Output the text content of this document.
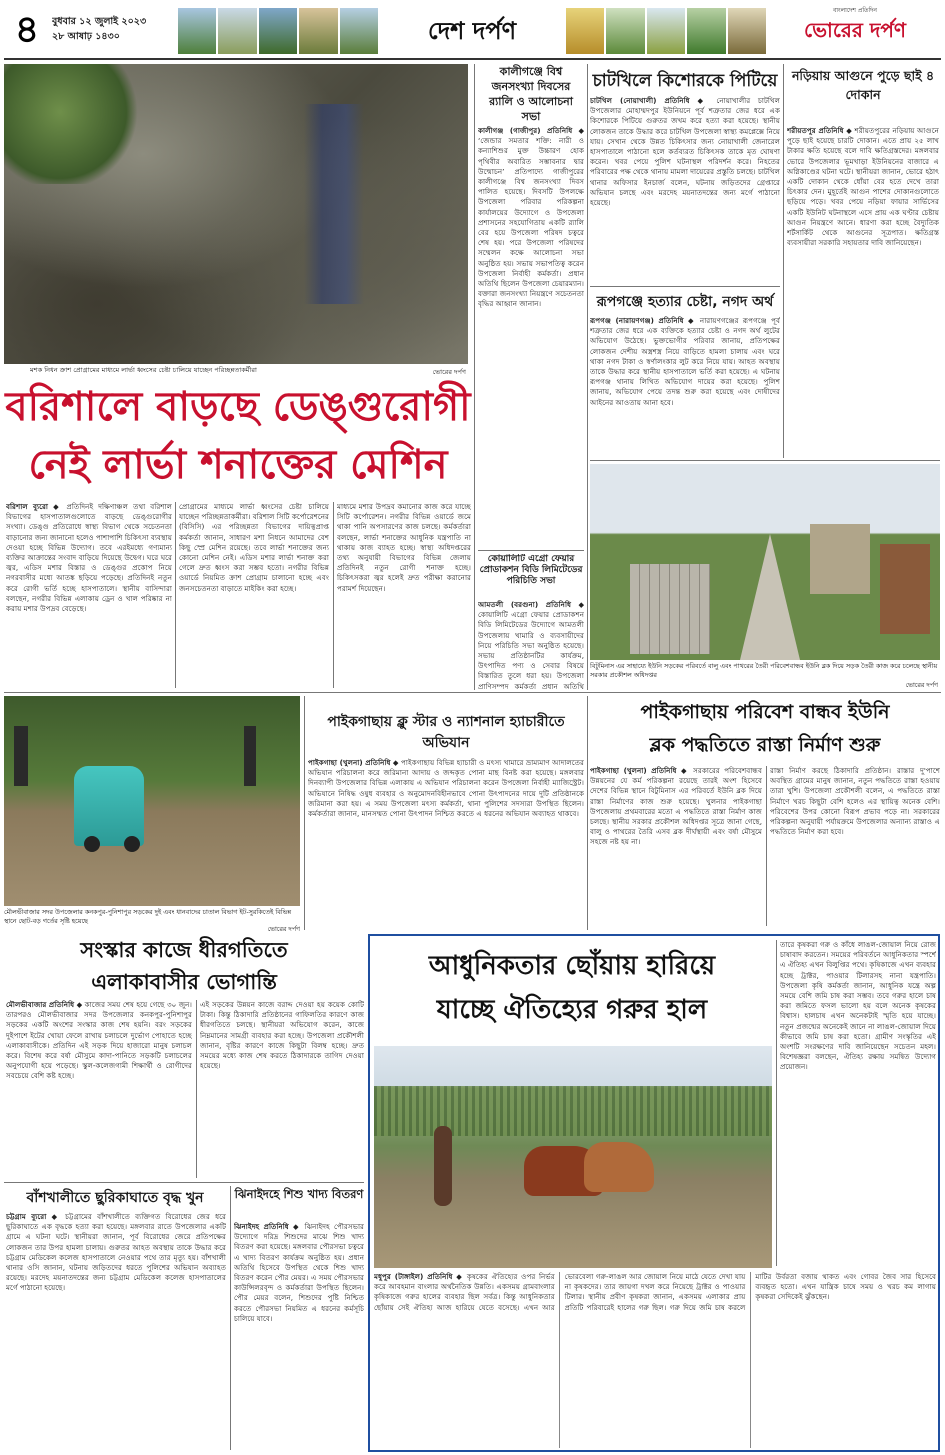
৪	বুধবার ১২ জুলাই ২০২৩
২৮ আষাঢ় ১৪৩০	দেশ দর্পণ
বাংলাদেশ প্রতিদিন
ভোরের দর্পণ
মশক নিধন ক্রাশ প্রোগ্রামের মাধ্যমে লার্ভা ধ্বংসের চেষ্টা চালিয়ে যাচ্ছেন পরিচ্ছন্নতাকর্মীরা	ভোরের দর্পণ
বরিশালে বাড়ছে ডেঙ্গুরোগী
নেই লার্ভা শনাক্তের মেশিন
বরিশাল ব্যুরো ◆ প্রতিদিনই দক্ষিণাঞ্চল তথা বরিশাল বিভাগের হাসপাতালগুলোতে বাড়ছে ডেঙ্গুরোগীর সংখ্যা। ডেঙ্গু প্রতিরোধে স্বাস্থ্য বিভাগ থেকে সচেতনতা বাড়ানোর জন্য জানানো হলেও পাশাপাশি চিকিৎসা ব্যবস্থায় দেওয়া হচ্ছে বিভিন্ন উদ্যোগ। তবে এরইমধ্যে গণ্যমান্য ব্যক্তির আক্রান্তের সংবাদ বাড়িয়ে দিয়েছে উদ্বেগ। ঘরে ঘরে জ্বর, এডিস মশার বিস্তার ও ডেঙ্গুর প্রকোপ নিয়ে নগরবাসীর মধ্যে আতঙ্ক ছড়িয়ে পড়েছে। প্রতিদিনই নতুন করে রোগী ভর্তি হচ্ছে হাসপাতালে। স্থানীয় বাসিন্দারা বলছেন, নগরীর বিভিন্ন এলাকায় ড্রেন ও খাল পরিষ্কার না করায় মশার উপদ্রব বেড়েছে।
প্রোগ্রামের মাধ্যমে লার্ভা ধ্বংসের চেষ্টা চালিয়ে যাচ্ছেন পরিচ্ছন্নতাকর্মীরা। বরিশাল সিটি কর্পোরেশনের (বিসিসি) এর পরিচ্ছন্নতা বিভাগের দায়িত্বপ্রাপ্ত কর্মকর্তা জানান, সাধারণ মশা নিধনে আমাদের বেশ কিছু স্প্রে মেশিন রয়েছে। তবে লার্ভা শনাক্তের জন্য কোনো মেশিন নেই। এডিস মশার লার্ভা শনাক্ত করা গেলে দ্রুত ধ্বংস করা সম্ভব হতো। নগরীর বিভিন্ন ওয়ার্ডে নিয়মিত ক্রাশ প্রোগ্রাম চালানো হচ্ছে এবং জনসচেতনতা বাড়াতে মাইকিং করা হচ্ছে।
মাধ্যমে মশার উপদ্রব কমানোর কাজ করে যাচ্ছে সিটি কর্পোরেশন। নগরীর বিভিন্ন ওয়ার্ডে জমে থাকা পানি অপসারণের কাজ চলছে। কর্মকর্তারা বলছেন, লার্ভা শনাক্তের আধুনিক যন্ত্রপাতি না থাকায় কাজ ব্যাহত হচ্ছে। স্বাস্থ্য অধিদপ্তরের তথ্য অনুযায়ী বিভাগের বিভিন্ন জেলায় প্রতিদিনই নতুন রোগী শনাক্ত হচ্ছে। চিকিৎসকরা জ্বর হলেই দ্রুত পরীক্ষা করানোর পরামর্শ দিয়েছেন।
কালীগঞ্জে বিশ্ব জনসংখ্যা দিবসের র‍্যালি ও আলোচনা সভা
কালীগঞ্জ (গাজীপুর) প্রতিনিধি ◆ ‘জেন্ডার সমতার শক্তি: নারী ও কন্যাশিশুর মুক্ত উচ্চারণ হোক পৃথিবীর অবারিত সম্ভাবনার দ্বার উন্মোচন’ প্রতিপাদ্যে গাজীপুরের কালীগঞ্জে বিশ্ব জনসংখ্যা দিবস পালিত হয়েছে। দিবসটি উপলক্ষে উপজেলা পরিবার পরিকল্পনা কার্যালয়ের উদ্যোগে ও উপজেলা প্রশাসনের সহযোগিতায় একটি র‍্যালি বের হয়ে উপজেলা পরিষদ চত্বরে শেষ হয়। পরে উপজেলা পরিষদের সম্মেলন কক্ষে আলোচনা সভা অনুষ্ঠিত হয়। সভায় সভাপতিত্ব করেন উপজেলা নির্বাহী কর্মকর্তা। প্রধান অতিথি ছিলেন উপজেলা চেয়ারম্যান। বক্তারা জনসংখ্যা নিয়ন্ত্রণে সচেতনতা বৃদ্ধির আহ্বান জানান।
কোয়ালিটি এগ্রো ফেয়ার প্রোডাকশন বিডি লিমিটেডের পরিচিতি সভা
আমতলী (বরগুনা) প্রতিনিধি ◆ কোয়ালিটি এগ্রো ফেয়ার প্রোডাকশন বিডি লিমিটেডের উদ্যোগে আমতলী উপজেলায় খামারি ও ব্যবসায়ীদের নিয়ে পরিচিতি সভা অনুষ্ঠিত হয়েছে। সভায় প্রতিষ্ঠানটির কার্যক্রম, উৎপাদিত পণ্য ও সেবার বিষয়ে বিস্তারিত তুলে ধরা হয়। উপজেলা প্রাণিসম্পদ কর্মকর্তা প্রধান অতিথি
চাটখিলে কিশোরকে পিটিয়ে
চাটখিল (নোয়াখালী) প্রতিনিধি ◆ নোয়াখালীর চাটখিল উপজেলার মোহাম্মদপুর ইউনিয়নে পূর্ব শত্রুতার জের ধরে এক কিশোরকে পিটিয়ে গুরুতর জখম করে হত্যা করা হয়েছে। স্থানীয় লোকজন তাকে উদ্ধার করে চাটখিল উপজেলা স্বাস্থ্য কমপ্লেক্সে নিয়ে যায়। সেখান থেকে উন্নত চিকিৎসার জন্য নোয়াখালী জেনারেল হাসপাতালে পাঠানো হলে কর্তব্যরত চিকিৎসক তাকে মৃত ঘোষণা করেন। খবর পেয়ে পুলিশ ঘটনাস্থল পরিদর্শন করে। নিহতের পরিবারের পক্ষ থেকে থানায় মামলা দায়েরের প্রস্তুতি চলছে। চাটখিল থানার অফিসার ইনচার্জ বলেন, ঘটনায় জড়িতদের গ্রেপ্তারে অভিযান চলছে এবং মরদেহ ময়নাতদন্তের জন্য মর্গে পাঠানো হয়েছে।
রূপগঞ্জে হত্যার চেষ্টা, নগদ অর্থ
রূপগঞ্জ (নারায়ণগঞ্জ) প্রতিনিধি ◆ নারায়ণগঞ্জের রূপগঞ্জে পূর্ব শত্রুতার জের ধরে এক ব্যক্তিকে হত্যার চেষ্টা ও নগদ অর্থ লুটের অভিযোগ উঠেছে। ভুক্তভোগীর পরিবার জানায়, প্রতিপক্ষের লোকজন দেশীয় অস্ত্রশস্ত্র নিয়ে বাড়িতে হামলা চালায় এবং ঘরে থাকা নগদ টাকা ও স্বর্ণালংকার লুট করে নিয়ে যায়। আহত অবস্থায় তাকে উদ্ধার করে স্থানীয় হাসপাতালে ভর্তি করা হয়েছে। এ ঘটনায় রূপগঞ্জ থানায় লিখিত অভিযোগ দায়ের করা হয়েছে। পুলিশ জানায়, অভিযোগ পেয়ে তদন্ত শুরু করা হয়েছে এবং দোষীদের আইনের আওতায় আনা হবে।
নড়িয়ায় আগুনে পুড়ে ছাই ৪ দোকান
শরীয়তপুর প্রতিনিধি ◆ শরীয়তপুরের নড়িয়ায় আগুনে পুড়ে ছাই হয়েছে চারটি দোকান। এতে প্রায় ২৫ লাখ টাকার ক্ষতি হয়েছে বলে দাবি ক্ষতিগ্রস্তদের। মঙ্গলবার ভোরে উপজেলার ভূমখাড়া ইউনিয়নের বাজারে এ অগ্নিকাণ্ডের ঘটনা ঘটে। স্থানীয়রা জানান, ভোরে হঠাৎ একটি দোকান থেকে ধোঁয়া বের হতে দেখে তারা চিৎকার দেন। মুহূর্তেই আগুন পাশের দোকানগুলোতে ছড়িয়ে পড়ে। খবর পেয়ে নড়িয়া ফায়ার সার্ভিসের একটি ইউনিট ঘটনাস্থলে এসে প্রায় এক ঘণ্টার চেষ্টায় আগুন নিয়ন্ত্রণে আনে। ধারণা করা হচ্ছে বৈদ্যুতিক শর্টসার্কিট থেকে আগুনের সূত্রপাত। ক্ষতিগ্রস্ত ব্যবসায়ীরা সরকারি সহায়তার দাবি জানিয়েছেন।
বিটুমিনাস এর সাহায্যে ইউনি সড়কের পরিবর্তে বালু এবং পাথরের তৈরী পরিবেশবান্ধব ইউনি ব্লক দিয়ে সড়ক তৈরী কাজ করে চলেছে স্থানীয় সরকার প্রকৌশল অধিদপ্তর
ভোরের দর্পণ
মৌলভীবাজার সদর উপজেলার কনকপুর-পুনিশাপুর সড়কের দুই এবং ধানবাদের চাতাল বিভাগ ইট-সুরকিতেই বিভিন্ন স্থানে ছোট-বড় গর্তের সৃষ্টি হয়েছে
ভোরের দর্পণ
পাইকগাছায় ক্লু স্টার ও ন্যাশনাল হ্যাচারীতে অভিযান
পাইকগাছা (খুলনা) প্রতিনিধি ◆ পাইকগাছায় বিভিন্ন হ্যাচারী ও মৎস্য খামারে ভ্রাম্যমাণ আদালতের অভিযান পরিচালনা করে জরিমানা আদায় ও জব্দকৃত পোনা মাছ বিনষ্ট করা হয়েছে। মঙ্গলবার দিনব্যাপী উপজেলার বিভিন্ন এলাকায় এ অভিযান পরিচালনা করেন উপজেলা নির্বাহী ম্যাজিস্ট্রেট। অভিযানে নিষিদ্ধ ওষুধ ব্যবহার ও অনুমোদনবিহীনভাবে পোনা উৎপাদনের দায়ে দুটি প্রতিষ্ঠানকে জরিমানা করা হয়। এ সময় উপজেলা মৎস্য কর্মকর্তা, থানা পুলিশের সদস্যরা উপস্থিত ছিলেন। কর্মকর্তারা জানান, মানসম্মত পোনা উৎপাদন নিশ্চিত করতে এ ধরনের অভিযান অব্যাহত থাকবে।
পাইকগাছায় পরিবেশ বান্ধব ইউনি
ব্লক পদ্ধতিতে রাস্তা নির্মাণ শুরু
পাইকগাছা (খুলনা) প্রতিনিধি ◆ সরকারের পরিবেশবান্ধব উন্নয়নের যে কর্ম পরিকল্পনা রয়েছে তারই অংশ হিসেবে দেশের বিভিন্ন স্থানে বিটুমিনাস এর পরিবর্তে ইউনি ব্লক দিয়ে রাস্তা নির্মাণের কাজ শুরু হয়েছে। খুলনার পাইকগাছা উপজেলায় প্রথমবারের মতো এ পদ্ধতিতে রাস্তা নির্মাণ কাজ চলছে। স্থানীয় সরকার প্রকৌশল অধিদপ্তর সূত্রে জানা গেছে, বালু ও পাথরের তৈরি এসব ব্লক দীর্ঘস্থায়ী এবং বর্ষা মৌসুমে সহজে নষ্ট হয় না।
রাস্তা নির্মাণ করছে ঠিকাদারি প্রতিষ্ঠান। রাস্তার দু'পাশে অবস্থিত গ্রামের মানুষ জানান, নতুন পদ্ধতিতে রাস্তা হওয়ায় তারা খুশি। উপজেলা প্রকৌশলী বলেন, এ পদ্ধতিতে রাস্তা নির্মাণে খরচ কিছুটা বেশি হলেও এর স্থায়িত্ব অনেক বেশি। পরিবেশের উপর কোনো বিরূপ প্রভাব পড়ে না। সরকারের পরিকল্পনা অনুযায়ী পর্যায়ক্রমে উপজেলার অন্যান্য রাস্তাও এ পদ্ধতিতে নির্মাণ করা হবে।
সংস্কার কাজে ধীরগতিতে
এলাকাবাসীর ভোগান্তি
মৌলভীবাজার প্রতিনিধি ◆ কাজের সময় শেষ হয়ে গেছে ৩০ জুন। তারপরও মৌলভীবাজার সদর উপজেলার কনকপুর-পুনিশাপুর সড়কের একটি অংশের সংস্কার কাজ শেষ হয়নি। বরং সড়কের দুইপাশে ইটের খোয়া ফেলে রাখায় চলাচলে দুর্ভোগ পোহাতে হচ্ছে এলাকাবাসীকে। প্রতিদিন এই সড়ক দিয়ে হাজারো মানুষ চলাচল করে। বিশেষ করে বর্ষা মৌসুমে কাদা-পানিতে সড়কটি চলাচলের অনুপযোগী হয়ে পড়েছে। স্কুল-কলেজগামী শিক্ষার্থী ও রোগীদের সবচেয়ে বেশি কষ্ট হচ্ছে।
এই সড়কের উন্নয়ন কাজে বরাদ্দ দেওয়া হয় কয়েক কোটি টাকা। কিন্তু ঠিকাদারি প্রতিষ্ঠানের গাফিলতির কারণে কাজ ধীরগতিতে চলছে। স্থানীয়রা অভিযোগ করেন, কাজে নিম্নমানের সামগ্রী ব্যবহার করা হচ্ছে। উপজেলা প্রকৌশলী জানান, বৃষ্টির কারণে কাজে কিছুটা বিলম্ব হচ্ছে। দ্রুত সময়ের মধ্যে কাজ শেষ করতে ঠিকাদারকে তাগিদ দেওয়া হয়েছে।
বাঁশখালীতে ছুরিকাঘাতে বৃদ্ধ খুন
চট্টগ্রাম ব্যুরো ◆ চট্টগ্রামের বাঁশখালীতে ব্যক্তিগত বিরোধের জের ধরে ছুরিকাঘাতে এক বৃদ্ধকে হত্যা করা হয়েছে। মঙ্গলবার রাতে উপজেলার একটি গ্রামে এ ঘটনা ঘটে। স্থানীয়রা জানান, পূর্ব বিরোধের জেরে প্রতিপক্ষের লোকজন তার উপর হামলা চালায়। গুরুতর আহত অবস্থায় তাকে উদ্ধার করে চট্টগ্রাম মেডিকেল কলেজ হাসপাতালে নেওয়ার পথে তার মৃত্যু হয়। বাঁশখালী থানার ওসি জানান, ঘটনায় জড়িতদের ধরতে পুলিশের অভিযান অব্যাহত রয়েছে। মরদেহ ময়নাতদন্তের জন্য চট্টগ্রাম মেডিকেল কলেজ হাসপাতালের মর্গে পাঠানো হয়েছে।
ঝিনাইদহে শিশু খাদ্য বিতরণ
ঝিনাইদহ প্রতিনিধি ◆ ঝিনাইদহ পৌরসভার উদ্যোগে দরিদ্র শিশুদের মাঝে শিশু খাদ্য বিতরণ করা হয়েছে। মঙ্গলবার পৌরসভা চত্বরে এ খাদ্য বিতরণ কার্যক্রম অনুষ্ঠিত হয়। প্রধান অতিথি হিসেবে উপস্থিত থেকে শিশু খাদ্য বিতরণ করেন পৌর মেয়র। এ সময় পৌরসভার কাউন্সিলরবৃন্দ ও কর্মকর্তারা উপস্থিত ছিলেন। পৌর মেয়র বলেন, শিশুদের পুষ্টি নিশ্চিত করতে পৌরসভা নিয়মিত এ ধরনের কর্মসূচি চালিয়ে যাবে।
আধুনিকতার ছোঁয়ায় হারিয়ে
যাচ্ছে ঐতিহ্যের গরুর হাল
তারে কৃষকরা গরু ও কাঁধে লাঙল-জোয়াল নিয়ে রোজ চাষাবাদ করতেন। সময়ের পরিবর্তনে আধুনিকতার স্পর্শে এ ঐতিহ্য এখন বিলুপ্তির পথে। কৃষিকাজে এখন ব্যবহার হচ্ছে ট্রাক্টর, পাওয়ার টিলারসহ নানা যন্ত্রপাতি। উপজেলা কৃষি কর্মকর্তা জানান, আধুনিক যন্ত্রে অল্প সময়ে বেশি জমি চাষ করা সম্ভব। তবে গরুর হালে চাষ করা জমিতে ফসল ভালো হয় বলে অনেক কৃষকের বিশ্বাস। হালচাষ এখন অনেকটাই স্মৃতি হয়ে যাচ্ছে। নতুন প্রজন্মের অনেকেই জানে না লাঙল-জোয়াল দিয়ে কীভাবে জমি চাষ করা হতো। গ্রামীণ সংস্কৃতির এই অংশটি সংরক্ষণের দাবি জানিয়েছেন সচেতন মহল। বিশেষজ্ঞরা বলছেন, ঐতিহ্য রক্ষায় সমন্বিত উদ্যোগ প্রয়োজন।
মধুপুর (টাঙ্গাইল) প্রতিনিধি ◆ কৃষকের ঐতিহ্যের ওপর নির্ভর করে আবহমান বাংলার অর্থনৈতিক উন্নতি। একসময় গ্রামবাংলার কৃষিকাজে গরুর হালের ব্যবহার ছিল সর্বত্র। কিন্তু আধুনিকতার ছোঁয়ায় সেই ঐতিহ্য আজ হারিয়ে যেতে বসেছে। এখন আর ভোরবেলা গরু-লাঙল আর জোয়াল নিয়ে মাঠে যেতে দেখা যায় না কৃষকদের। তার জায়গা দখল করে নিয়েছে ট্রাক্টর ও পাওয়ার টিলার। স্থানীয় প্রবীণ কৃষকরা জানান, একসময় এলাকার প্রায় প্রতিটি পরিবারেই হালের গরু ছিল। গরু দিয়ে জমি চাষ করলে মাটির উর্বরতা বজায় থাকত এবং গোবর জৈব সার হিসেবে ব্যবহৃত হতো। এখন যান্ত্রিক চাষে সময় ও খরচ কম লাগায় কৃষকরা সেদিকেই ঝুঁকছেন।
